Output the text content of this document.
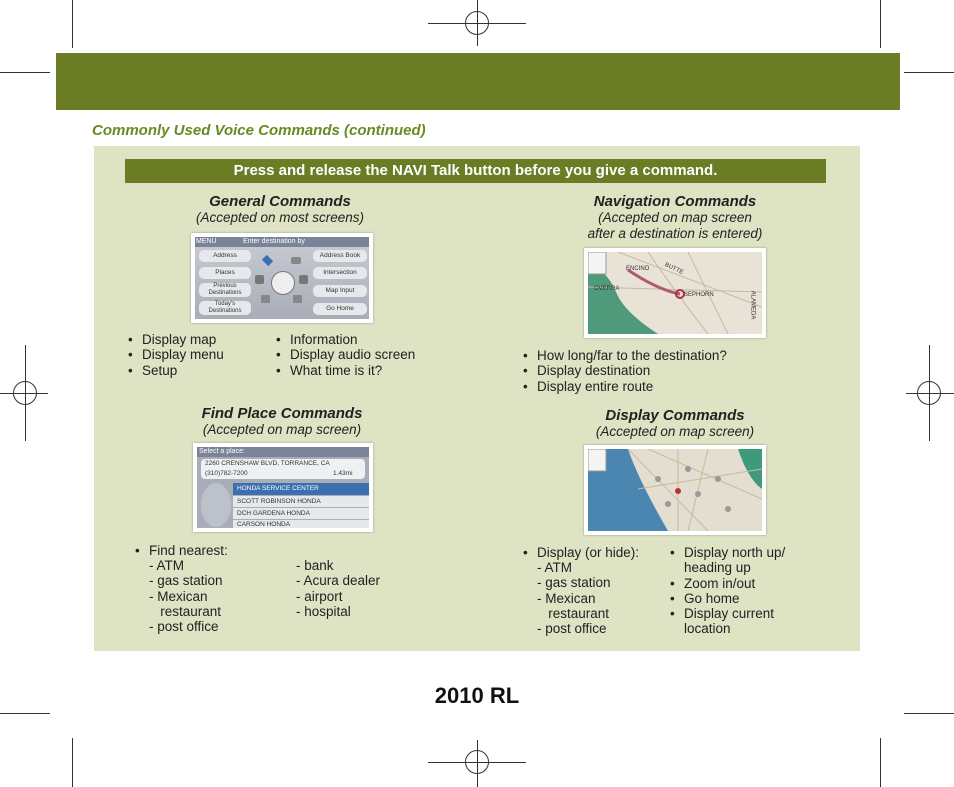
Commonly Used Voice Commands (continued)
Press and release the NAVI Talk button before you give a command.
General Commands
(Accepted on most screens)
MENU	Enter destination by
Address	Address Book
Places	Intersection
Previous Destinations	Map Input
Today's Destinations	Go Home
• Display map
• Display menu
• Setup
• Information
• Display audio screen
• What time is it?
Navigation Commands
(Accepted on map screen
after a destination is entered)
ENCINO BUTTE
SEPHORN
OVERRA
ALAMEDA
• How long/far to the destination?
• Display destination
• Display entire route
Find Place Commands
(Accepted on map screen)
Select a place:
2260 CRENSHAW BLVD, TORRANCE, CA
(310)782-7200	1.43mi
HONDA SERVICE CENTER
SCOTT ROBINSON HONDA
DCH GARDENA HONDA
CARSON HONDA
• Find nearest:
- ATM
- gas station
- Mexican
restaurant
- post office
- bank
- Acura dealer
- airport
- hospital
Display Commands
(Accepted on map screen)
• Display (or hide):
- ATM
- gas station
- Mexican
restaurant
- post office
• Display north up/
heading up
• Zoom in/out
• Go home
• Display current
location
2010 RL
